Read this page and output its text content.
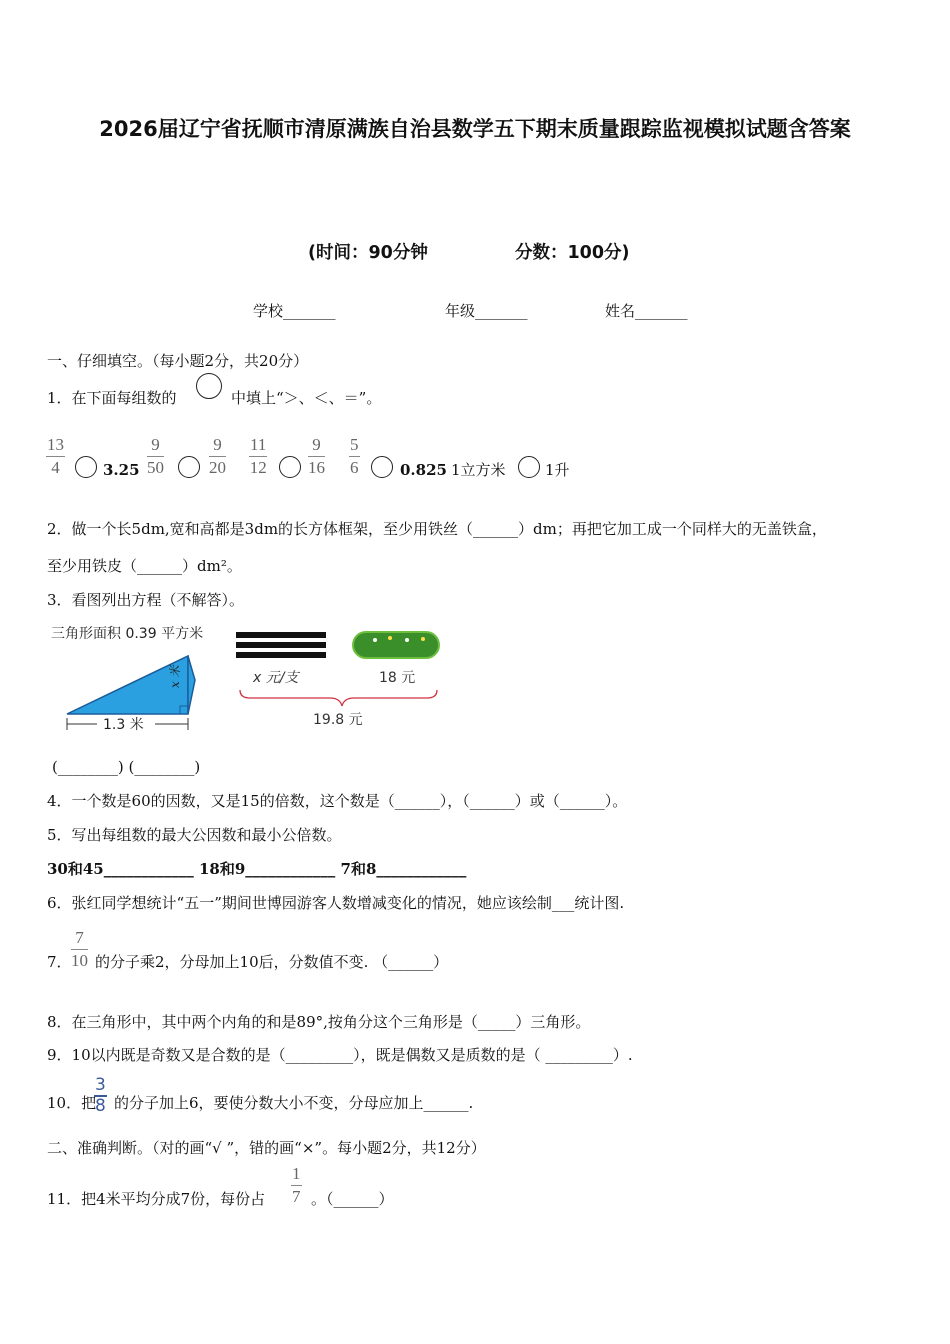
2026届辽宁省抚顺市清原满族自治县数学五下期末质量跟踪监视模拟试题含答案
(时间：90分钟	分数：100分)
学校_______	年级_______	姓名_______
一、仔细填空。（每小题2分，共20分）
1．在下面每组数的	中填上“＞、＜、＝”。
$\frac{13}{4}$	$3.25 \frac{9}{50}$	$\frac{9}{20} \frac{11}{12} \frac{9}{16} \frac{5}{6}$	0.825 1立方米	1升
2．做一个长5dm,宽和高都是3dm的长方体框架，至少用铁丝（______）dm；再把它加工成一个同样大的无盖铁盒，
至少用铁皮（______）dm²。
3．看图列出方程（不解答）。
三角形面积 0.39 平方米
x 米
1.3 米
x 元/支	18 元
19.8 元
(________) (________)
4．一个数是60的因数，又是15的倍数，这个数是（______），（______）或（______）。
5．写出每组数的最大公因数和最小公倍数。
30和45____________ 18和9____________ 7和8____________
6．张红同学想统计“五一”期间世博园游客人数增减变化的情况，她应该绘制___统计图.
7． $\frac{7}{10}$ 的分子乘2，分母加上10后，分数值不变. （______）
8．在三角形中，其中两个内角的和是89°,按角分这个三角形是（_____）三角形。
9．10以内既是奇数又是合数的是（_________），既是偶数又是质数的是（ _________）.
10．把
$\frac{3}{8}$ 的分子加上6，要使分数大小不变，分母应加上______.
二、准确判断。（对的画“√ ”，错的画“×”。每小题2分，共12分）
11．把4米平均分成7份，每份占 $\frac{1}{7}$ 。（______）
